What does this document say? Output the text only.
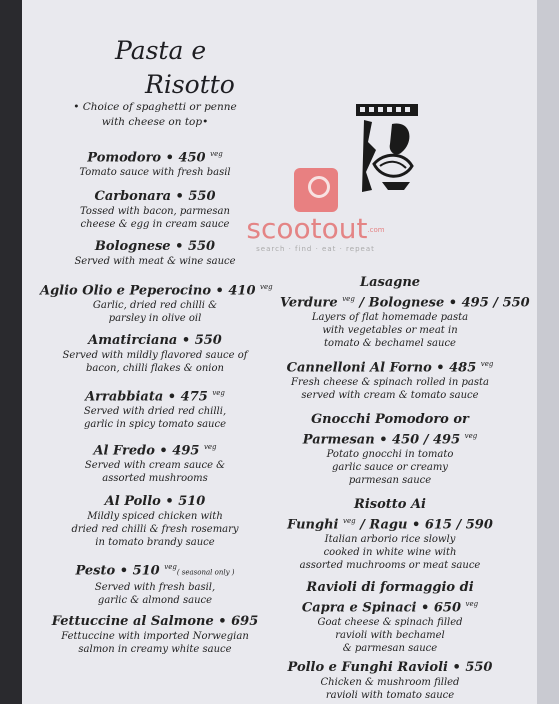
Pasta e
Risotto
• Choice of spaghetti or penne
with cheese on top•
scootout.com
search · find · eat · repeat
Pomodoro • 450 $^{veg}$
Tomato sauce with fresh basil
Carbonara • 550
Tossed with bacon, parmesan
cheese & egg in cream sauce
Bolognese • 550
Served with meat & wine sauce
Aglio Olio e Peperocino • 410 $^{veg}$
Garlic, dried red chilli &
parsley in olive oil
Amatirciana • 550
Served with mildly flavored sauce of
bacon, chilli flakes & onion
Arrabbiata • 475 $^{veg}$
Served with dried red chilli,
garlic in spicy tomato sauce
Al Fredo • 495 $^{veg}$
Served with cream sauce &
assorted mushrooms
Al Pollo • 510
Mildly spiced chicken with
dried red chilli & fresh rosemary
in tomato brandy sauce
Pesto • 510 $^{veg}$( seasonal only )
Served with fresh basil,
garlic & almond sauce
Fettuccine al Salmone • 695
Fettuccine with imported Norwegian
salmon in creamy white sauce
Lasagne
Verdure $^{veg}$ / Bolognese • 495 / 550
Layers of flat homemade pasta
with vegetables or meat in
tomato & bechamel sauce
Cannelloni Al Forno • 485 $^{veg}$
Fresh cheese & spinach rolled in pasta
served with cream & tomato sauce
Gnocchi Pomodoro or
Parmesan • 450 / 495 $^{veg}$
Potato gnocchi in tomato
garlic sauce or creamy
parmesan sauce
Risotto Ai
Funghi $^{veg}$ / Ragu • 615 / 590
Italian arborio rice slowly
cooked in white wine with
assorted muchrooms or meat sauce
Ravioli di formaggio di
Capra e Spinaci • 650 $^{veg}$
Goat cheese & spinach filled
ravioli with bechamel
& parmesan sauce
Pollo e Funghi Ravioli • 550
Chicken & mushroom filled
ravioli with tomato sauce
